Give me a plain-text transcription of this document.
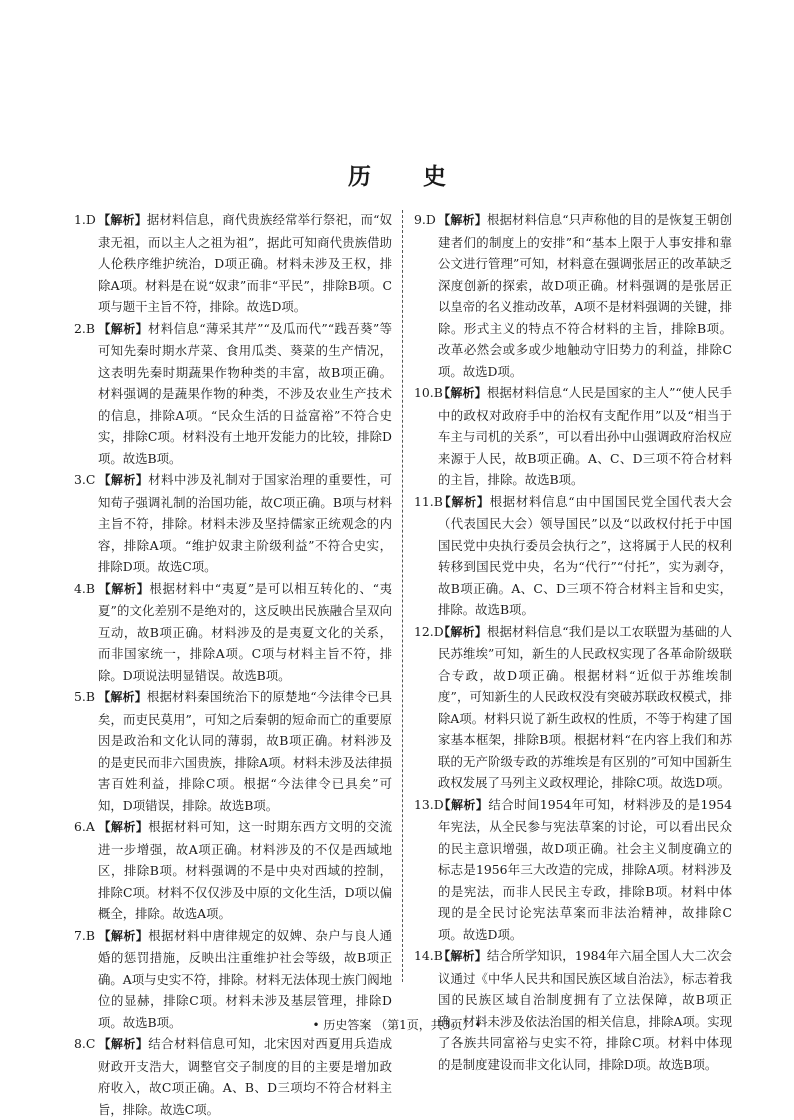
历 史

1.D 【解析】据材料信息，商代贵族经常举行祭祀，而“奴隶无祖，而以主人之祖为祖”，据此可知商代贵族借助人伦秩序维护统治，D项正确。材料未涉及王权，排除A项。材料是在说“奴隶”而非“平民”，排除B项。C项与题干主旨不符，排除。故选D项。

2.B 【解析】材料信息“薄采其芹”“及瓜而代”“践吾葵”等可知先秦时期水芹菜、食用瓜类、葵菜的生产情况，这表明先秦时期蔬果作物种类的丰富，故B项正确。材料强调的是蔬果作物的种类，不涉及农业生产技术的信息，排除A项。“民众生活的日益富裕”不符合史实，排除C项。材料没有土地开发能力的比较，排除D项。故选B项。

3.C 【解析】材料中涉及礼制对于国家治理的重要性，可知荀子强调礼制的治国功能，故C项正确。B项与材料主旨不符，排除。材料未涉及坚持儒家正统观念的内容，排除A项。“维护奴隶主阶级利益”不符合史实，排除D项。故选C项。

4.B 【解析】根据材料中“夷夏”是可以相互转化的、“夷夏”的文化差别不是绝对的，这反映出民族融合呈双向互动，故B项正确。材料涉及的是夷夏文化的关系，而非国家统一，排除A项。C项与材料主旨不符，排除。D项说法明显错误。故选B项。

5.B 【解析】根据材料秦国统治下的原楚地“今法律令已具矣，而吏民莫用”，可知之后秦朝的短命而亡的重要原因是政治和文化认同的薄弱，故B项正确。材料涉及的是吏民而非六国贵族，排除A项。材料未涉及法律损害百姓利益，排除C项。根据“今法律令已具矣”可知，D项错误，排除。故选B项。

6.A 【解析】根据材料可知，这一时期东西方文明的交流进一步增强，故A项正确。材料涉及的不仅是西域地区，排除B项。材料强调的不是中央对西域的控制，排除C项。材料不仅仅涉及中原的文化生活，D项以偏概全，排除。故选A项。

7.B 【解析】根据材料中唐律规定的奴婢、杂户与良人通婚的惩罚措施，反映出注重维护社会等级，故B项正确。A项与史实不符，排除。材料无法体现士族门阀地位的显赫，排除C项。材料未涉及基层管理，排除D项。故选B项。

8.C 【解析】结合材料信息可知，北宋因对西夏用兵造成财政开支浩大，调整官交子制度的目的主要是增加政府收入，故C项正确。A、B、D三项均不符合材料主旨，排除。故选C项。

9.D 【解析】根据材料信息“只声称他的目的是恢复王朝创建者们的制度上的安排”和“基本上限于人事安排和靠公文进行管理”可知，材料意在强调张居正的改革缺乏深度创新的探索，故D项正确。材料强调的是张居正以皇帝的名义推动改革，A项不是材料强调的关键，排除。形式主义的特点不符合材料的主旨，排除B项。改革必然会或多或少地触动守旧势力的利益，排除C项。故选D项。

10.B【解析】根据材料信息“人民是国家的主人”“使人民手中的政权对政府手中的治权有支配作用”以及“相当于车主与司机的关系”，可以看出孙中山强调政府治权应来源于人民，故B项正确。A、C、D三项不符合材料的主旨，排除。故选B项。

11.B【解析】根据材料信息“由中国国民党全国代表大会（代表国民大会）领导国民”以及“以政权付托于中国国民党中央执行委员会执行之”，这将属于人民的权利转移到国民党中央，名为“代行”“付托”，实为剥夺，故B项正确。A、C、D三项不符合材料主旨和史实，排除。故选B项。

12.D【解析】根据材料信息“我们是以工农联盟为基础的人民苏维埃”可知，新生的人民政权实现了各革命阶级联合专政，故D项正确。根据材料“近似于苏维埃制度”，可知新生的人民政权没有突破苏联政权模式，排除A项。材料只说了新生政权的性质，不等于构建了国家基本框架，排除B项。根据材料“在内容上我们和苏联的无产阶级专政的苏维埃是有区别的”可知中国新生政权发展了马列主义政权理论，排除C项。故选D项。

13.D【解析】结合时间1954年可知，材料涉及的是1954年宪法，从全民参与宪法草案的讨论，可以看出民众的民主意识增强，故D项正确。社会主义制度确立的标志是1956年三大改造的完成，排除A项。材料涉及的是宪法，而非人民民主专政，排除B项。材料中体现的是全民讨论宪法草案而非法治精神，故排除C项。故选D项。

14.B【解析】结合所学知识，1984年六届全国人大二次会议通过《中华人民共和国民族区域自治法》，标志着我国的民族区域自治制度拥有了立法保障，故B项正确。材料未涉及依法治国的相关信息，排除A项。实现了各族共同富裕与史实不符，排除C项。材料中体现的是制度建设而非文化认同，排除D项。故选B项。

• 历史答案 （第1页，共3页）•
